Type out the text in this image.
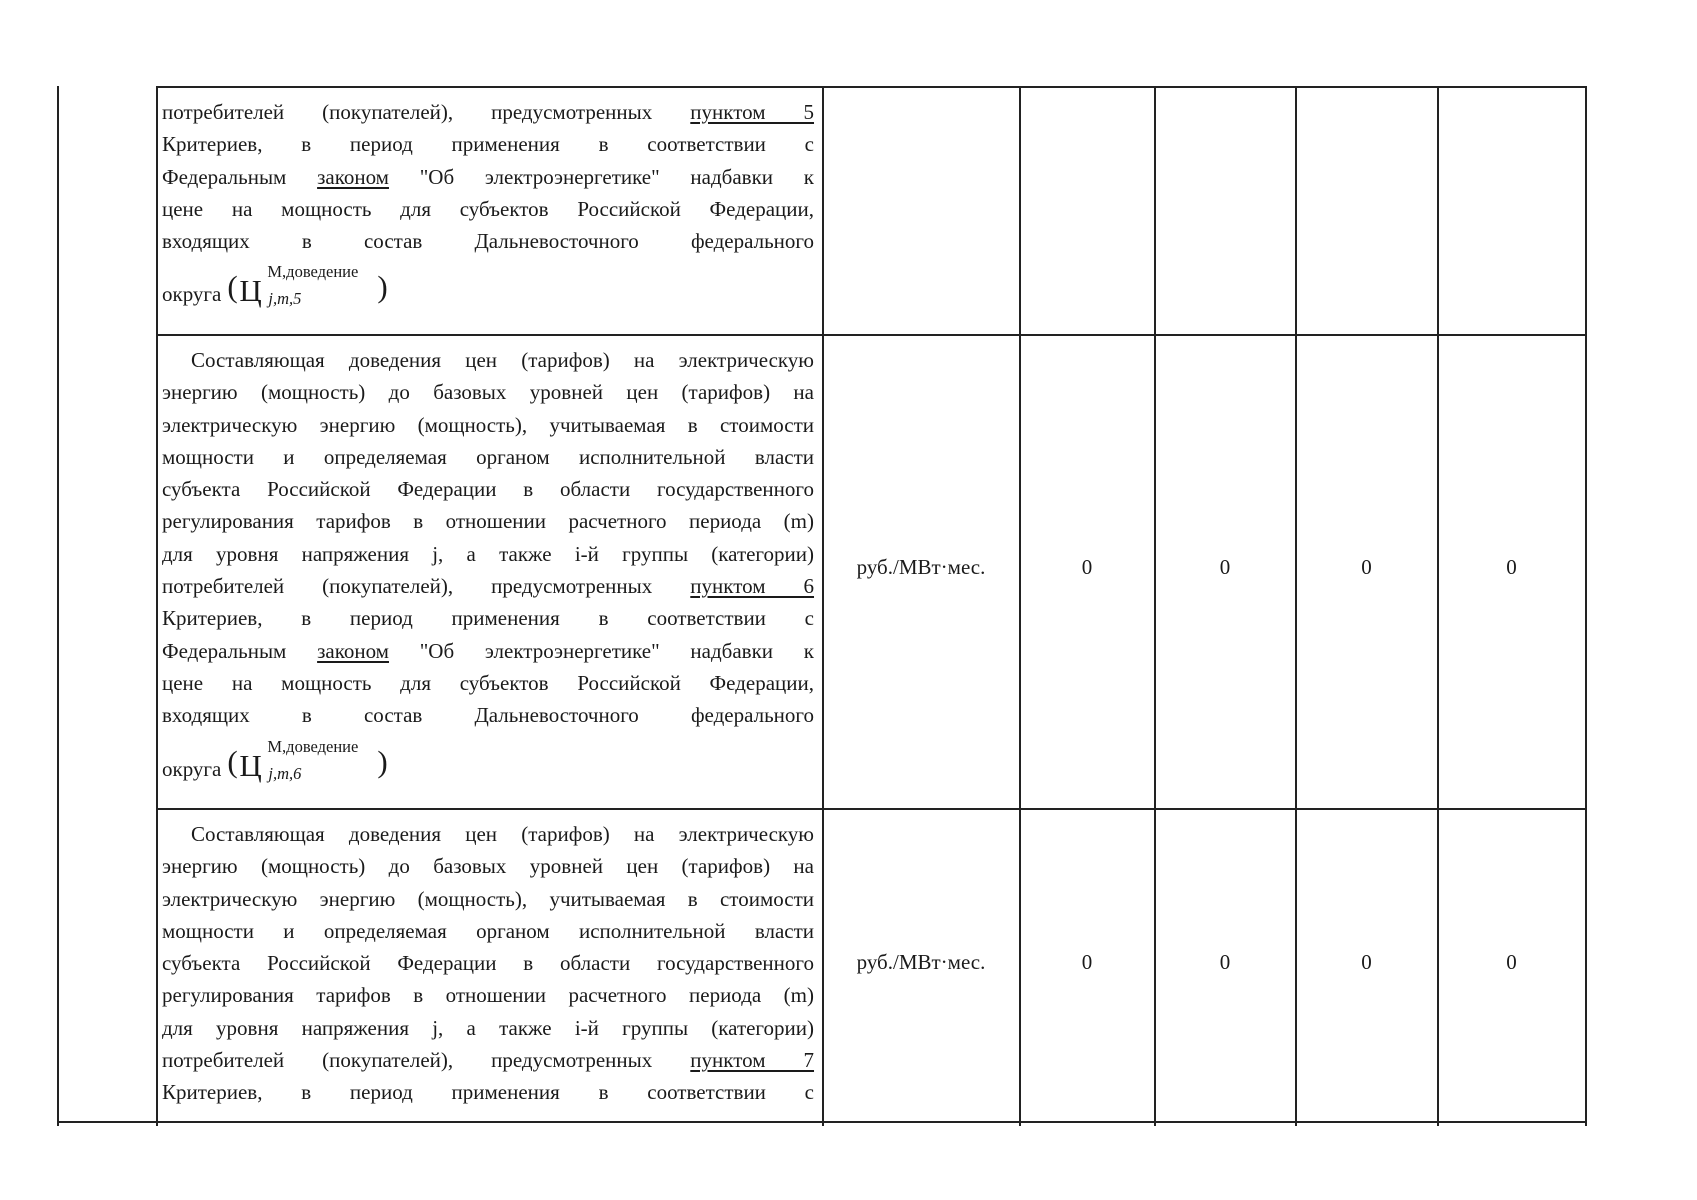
потребителей (покупателей), предусмотренных пунктом 5

Критериев, в период применения в соответствии с

Федеральным законом "Об электроэнергетике" надбавки к

цене на мощность для субъектов Российской Федерации,

входящих в состав Дальневосточного федерального

округа ( Ц
М,доведение
j,m,5 )

Составляющая доведения цен (тарифов) на электрическую

энергию (мощность) до базовых уровней цен (тарифов) на

электрическую энергию (мощность), учитываемая в стоимости

мощности и определяемая органом исполнительной власти

субъекта Российской Федерации в области государственного

регулирования тарифов в отношении расчетного периода (m)

для уровня напряжения j, а также i-й группы (категории)

потребителей (покупателей), предусмотренных пунктом 6

Критериев, в период применения в соответствии с

Федеральным законом "Об электроэнергетике" надбавки к

цене на мощность для субъектов Российской Федерации,

входящих в состав Дальневосточного федерального

округа ( Ц
М,доведение
j,m,6 )

руб./МВт·мес.	0	0	0	0

Составляющая доведения цен (тарифов) на электрическую

энергию (мощность) до базовых уровней цен (тарифов) на

электрическую энергию (мощность), учитываемая в стоимости

мощности и определяемая органом исполнительной власти

субъекта Российской Федерации в области государственного

регулирования тарифов в отношении расчетного периода (m)

для уровня напряжения j, а также i-й группы (категории)

потребителей (покупателей), предусмотренных пунктом 7

Критериев, в период применения в соответствии с

руб./МВт·мес.	0	0	0	0
